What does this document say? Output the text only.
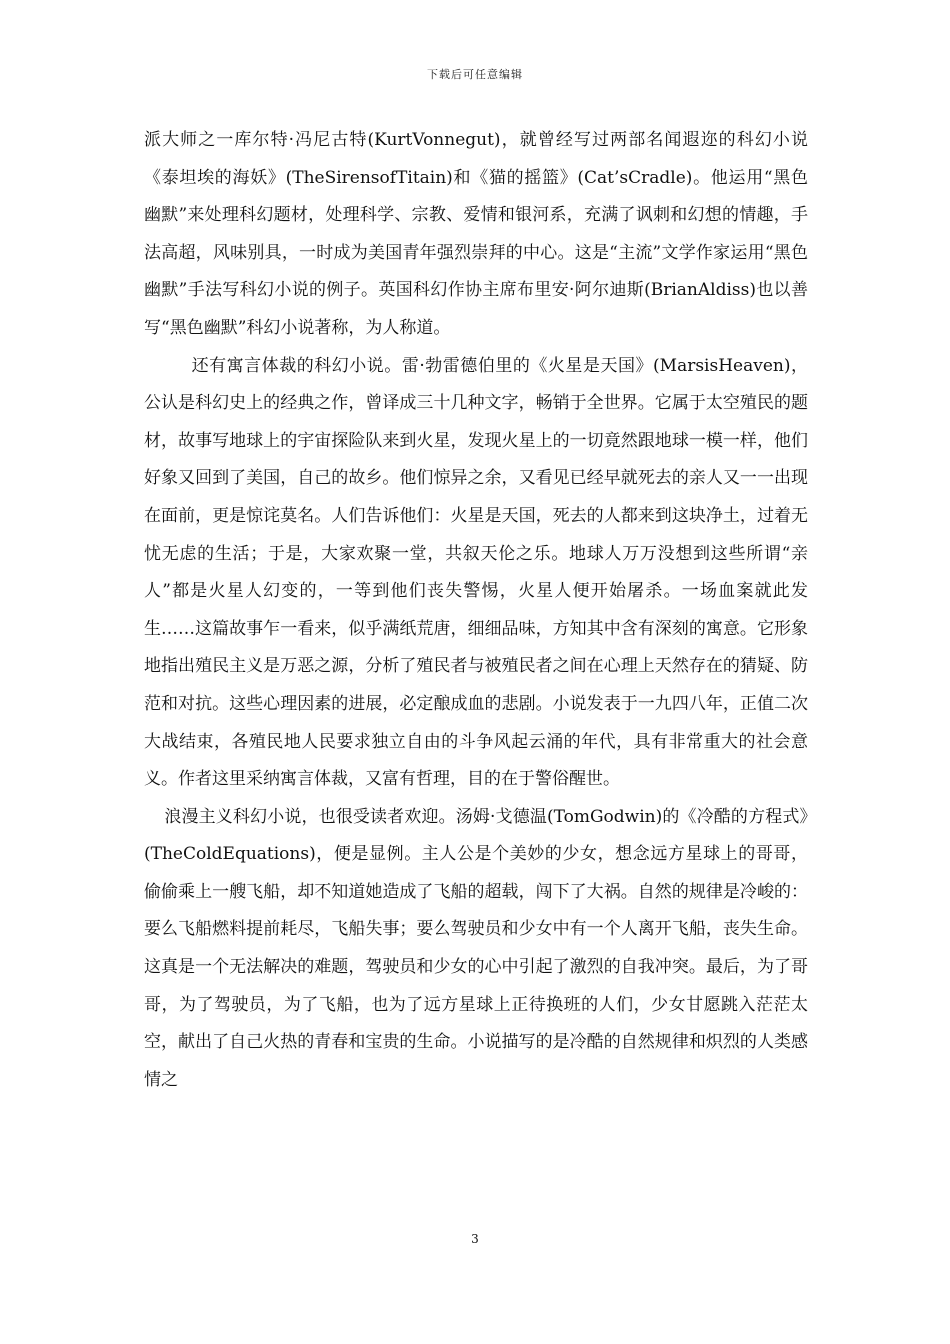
下载后可任意编辑

派大师之一库尔特·冯尼古特(KurtVonnegut)，就曾经写过两部名闻遐迩的科幻小说《泰坦埃的海妖》(TheSirensofTitain)和《猫的摇篮》(Cat’sCradle)。他运用“黑色幽默”来处理科幻题材，处理科学、宗教、爱情和银河系，充满了讽刺和幻想的情趣，手法高超，风味别具，一时成为美国青年强烈崇拜的中心。这是“主流”文学作家运用“黑色幽默”手法写科幻小说的例子。英国科幻作协主席布里安·阿尔迪斯(BrianAldiss)也以善写“黑色幽默”科幻小说著称，为人称道。

还有寓言体裁的科幻小说。雷·勃雷德伯里的《火星是天国》(MarsisHeaven)，公认是科幻史上的经典之作，曾译成三十几种文字，畅销于全世界。它属于太空殖民的题材，故事写地球上的宇宙探险队来到火星，发现火星上的一切竟然跟地球一模一样，他们好象又回到了美国，自己的故乡。他们惊异之余，又看见已经早就死去的亲人又一一出现在面前，更是惊诧莫名。人们告诉他们：火星是天国，死去的人都来到这块净土，过着无忧无虑的生活；于是，大家欢聚一堂，共叙天伦之乐。地球人万万没想到这些所谓“亲人”都是火星人幻变的，一等到他们丧失警惕，火星人便开始屠杀。一场血案就此发生……这篇故事乍一看来，似乎满纸荒唐，细细品味，方知其中含有深刻的寓意。它形象地指出殖民主义是万恶之源，分析了殖民者与被殖民者之间在心理上天然存在的猜疑、防范和对抗。这些心理因素的进展，必定酿成血的悲剧。小说发表于一九四八年，正值二次大战结束，各殖民地人民要求独立自由的斗争风起云涌的年代，具有非常重大的社会意义。作者这里采纳寓言体裁，又富有哲理，目的在于警俗醒世。

浪漫主义科幻小说，也很受读者欢迎。汤姆·戈德温(TomGodwin)的《冷酷的方程式》(TheColdEquations)，便是显例。主人公是个美妙的少女，想念远方星球上的哥哥，偷偷乘上一艘飞船，却不知道她造成了飞船的超载，闯下了大祸。自然的规律是冷峻的：要么飞船燃料提前耗尽，飞船失事；要么驾驶员和少女中有一个人离开飞船，丧失生命。这真是一个无法解决的难题，驾驶员和少女的心中引起了激烈的自我冲突。最后，为了哥哥，为了驾驶员，为了飞船，也为了远方星球上正待换班的人们，少女甘愿跳入茫茫太空，献出了自己火热的青春和宝贵的生命。小说描写的是冷酷的自然规律和炽烈的人类感情之

3
